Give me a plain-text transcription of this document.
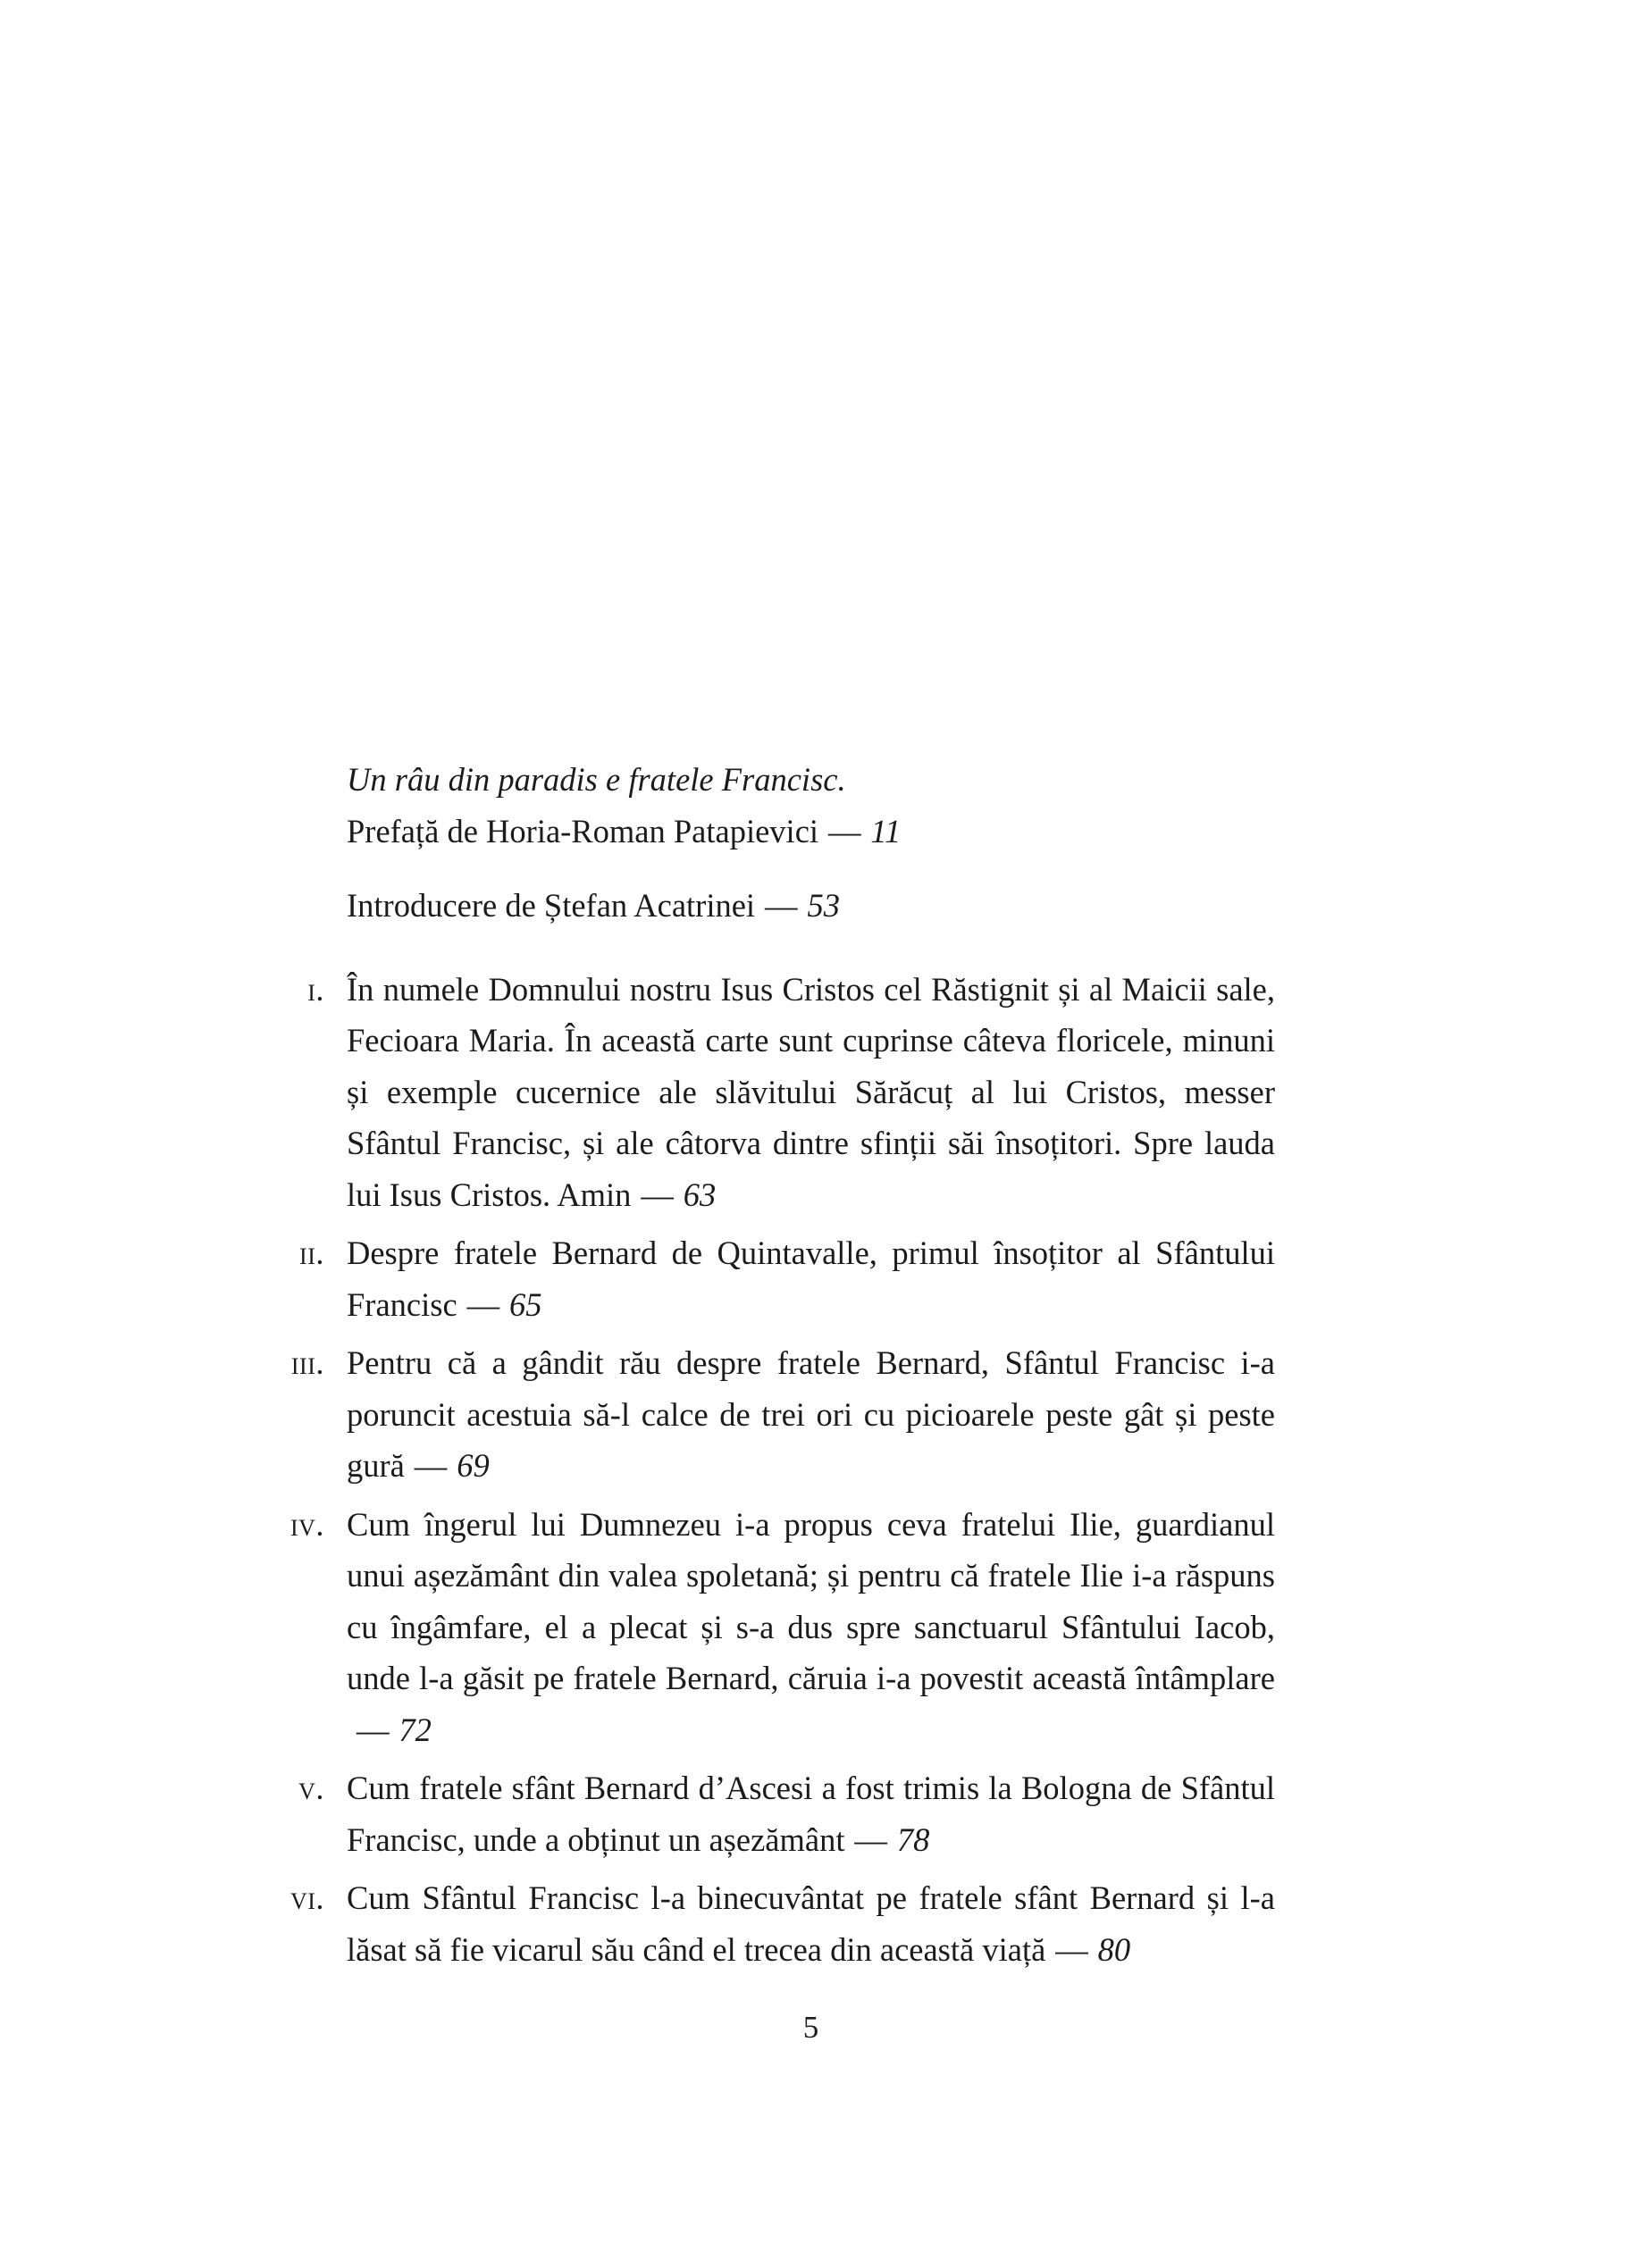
Un râu din paradis e fratele Francisc.
Prefață de Horia-Roman Patapievici — 11
Introducere de Ștefan Acatrinei — 53
i. În numele Domnului nostru Isus Cristos cel Răstignit și al Maicii sale, Fecioara Maria. În această carte sunt cuprinse câteva floricele, minuni și exemple cucernice ale slăvitului Sărăcuț al lui Cristos, messer Sfântul Francisc, și ale câtorva dintre sfinții săi însoțitori. Spre lauda lui Isus Cristos. Amin — 63
ii. Despre fratele Bernard de Quintavalle, primul însoțitor al Sfântului Francisc — 65
iii. Pentru că a gândit rău despre fratele Bernard, Sfântul Francisc i-a poruncit acestuia să-l calce de trei ori cu picioarele peste gât și peste gură — 69
iv. Cum îngerul lui Dumnezeu i-a propus ceva fratelui Ilie, guardianul unui așezământ din valea spoletană; și pentru că fratele Ilie i-a răspuns cu îngâmfare, el a plecat și s-a dus spre sanctuarul Sfântului Iacob, unde l-a găsit pe fratele Bernard, căruia i-a povestit această întâmplare— 72
v. Cum fratele sfânt Bernard d’Ascesi a fost trimis la Bologna de Sfântul Francisc, unde a obținut un așezământ — 78
vi. Cum Sfântul Francisc l-a binecuvântat pe fratele sfânt Bernard și l-a lăsat să fie vicarul său când el trecea din această viață — 80
5
